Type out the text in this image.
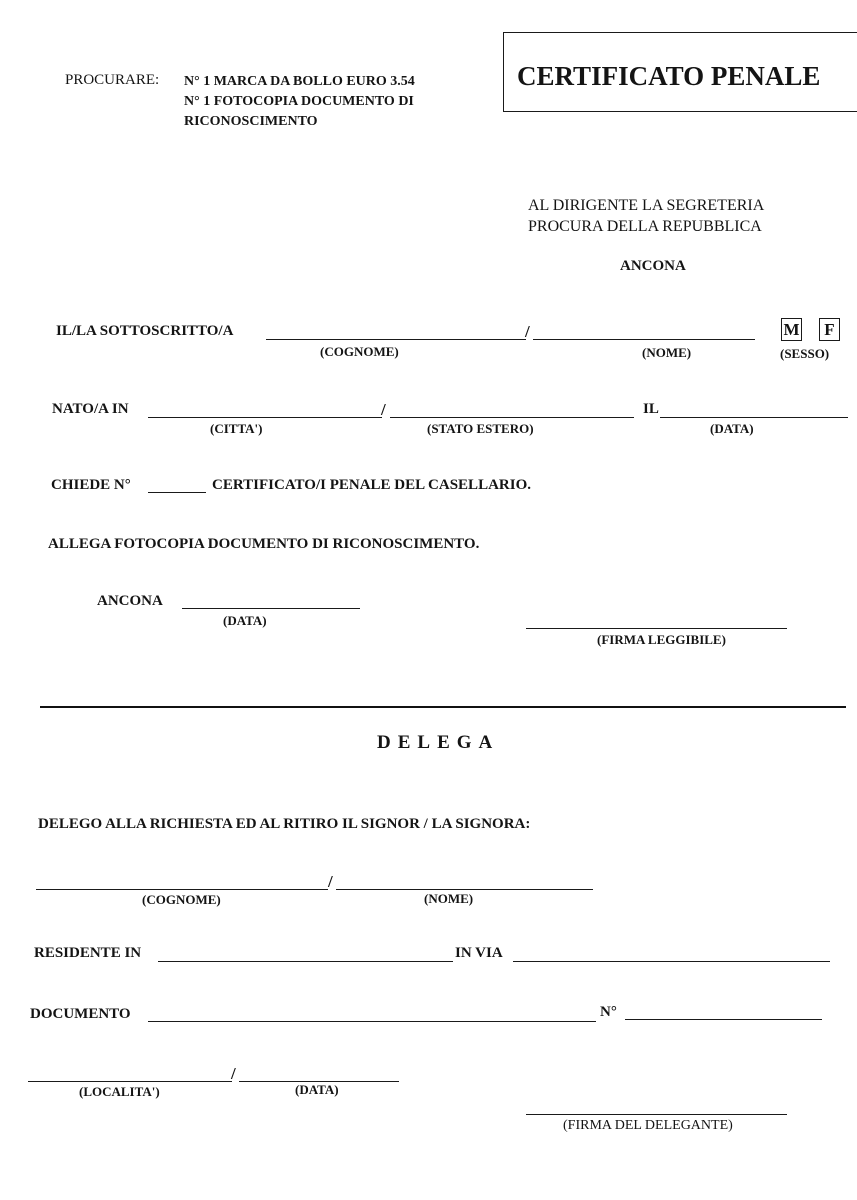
PROCURARE: N° 1 MARCA DA BOLLO EURO 3.54
N° 1 FOTOCOPIA DOCUMENTO DI
RICONOSCIMENTO
CERTIFICATO PENALE
AL DIRIGENTE LA SEGRETERIA
PROCURA DELLA REPUBBLICA
ANCONA
IL/LA SOTTOSCRITTO/A	/
(COGNOME)	(NOME)
M	F
(SESSO)
NATO/A IN	/	IL
(CITTA')	(STATO ESTERO)	(DATA)
CHIEDE N°	CERTIFICATO/I PENALE DEL CASELLARIO.
ALLEGA FOTOCOPIA DOCUMENTO DI RICONOSCIMENTO.
ANCONA
(DATA)
(FIRMA LEGGIBILE)
DELEGA
DELEGO ALLA RICHIESTA ED AL RITIRO IL SIGNOR / LA SIGNORA:
/
(COGNOME)	(NOME)
RESIDENTE IN	IN VIA
DOCUMENTO	N°
/
(LOCALITA')	(DATA)
(FIRMA DEL DELEGANTE)
